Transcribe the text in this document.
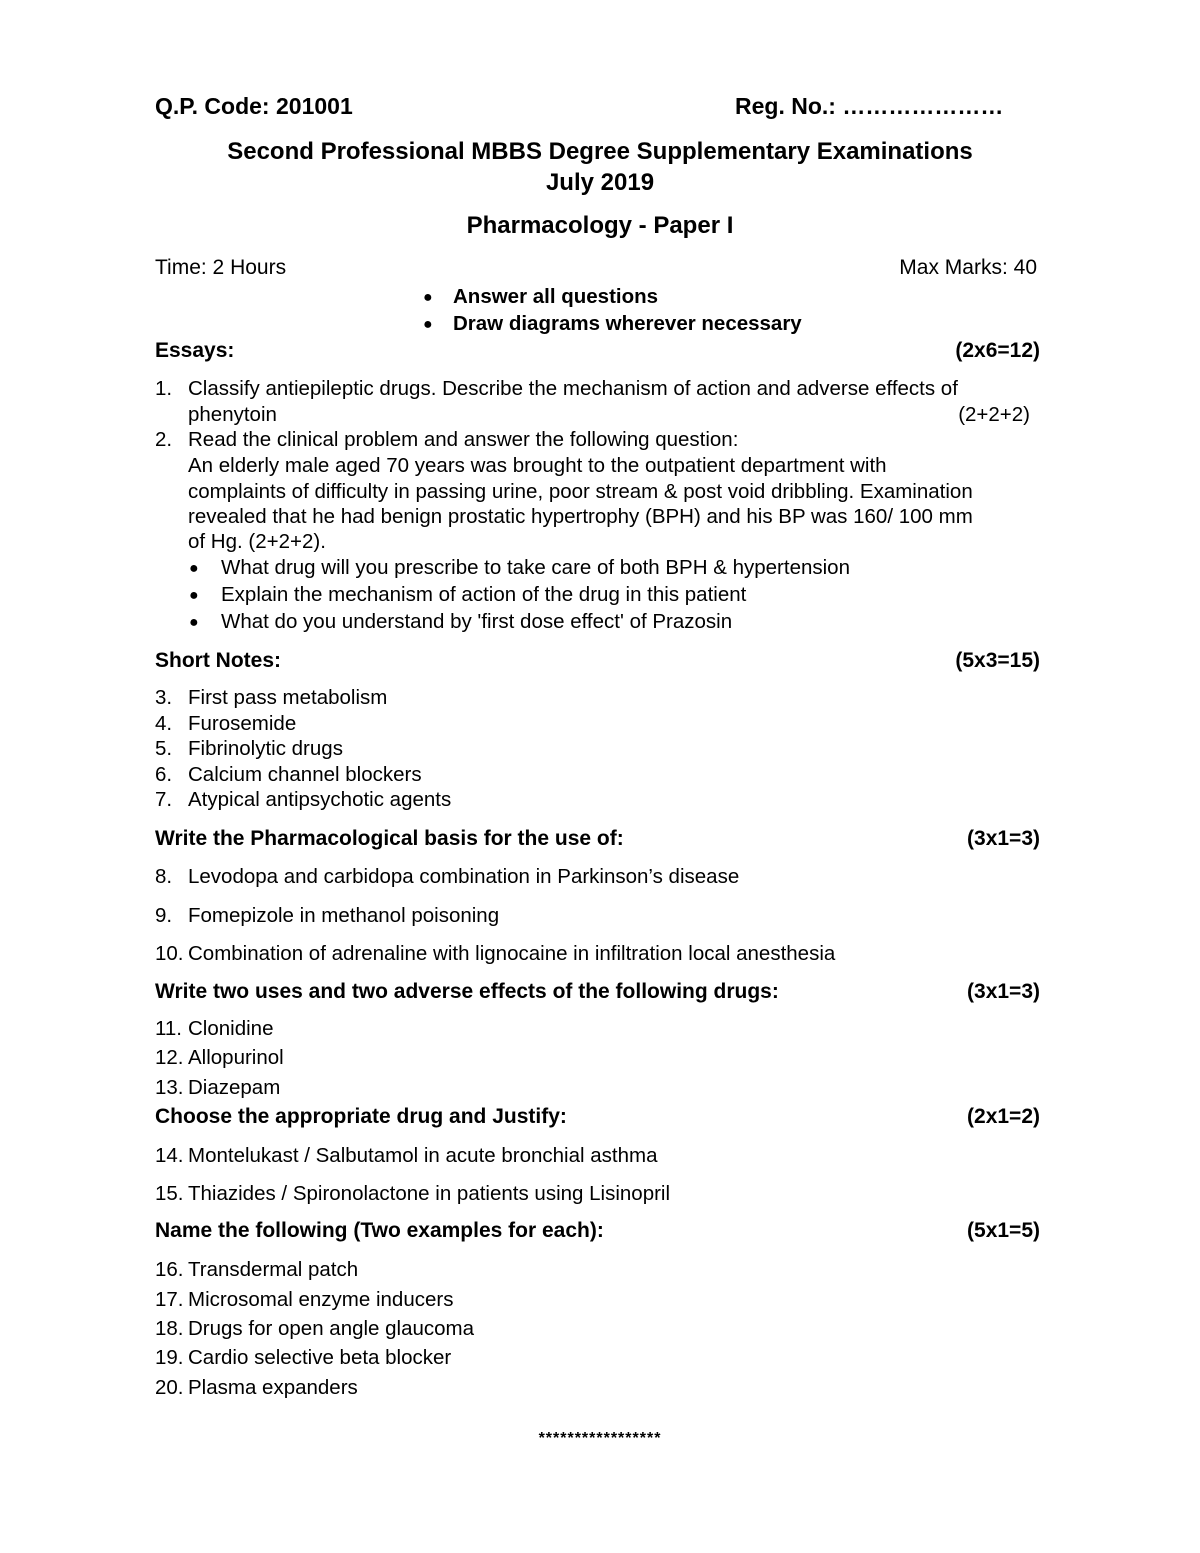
Q.P. Code: 201001	Reg. No.: …………………
Second Professional MBBS Degree Supplementary Examinations
July 2019
Pharmacology - Paper I
Time: 2 Hours	Max Marks: 40
● Answer all questions
● Draw diagrams wherever necessary
Essays:	(2x6=12)
1. Classify antiepileptic drugs. Describe the mechanism of action and adverse effects of
phenytoin	(2+2+2)
2. Read the clinical problem and answer the following question:
An elderly male aged 70 years was brought to the outpatient department with
complaints of difficulty in passing urine, poor stream & post void dribbling. Examination
revealed that he had benign prostatic hypertrophy (BPH) and his BP was 160/ 100 mm
of Hg. (2+2+2).
● What drug will you prescribe to take care of both BPH & hypertension
● Explain the mechanism of action of the drug in this patient
● What do you understand by 'first dose effect' of Prazosin
Short Notes:	(5x3=15)
3. First pass metabolism
4. Furosemide
5. Fibrinolytic drugs
6. Calcium channel blockers
7. Atypical antipsychotic agents
Write the Pharmacological basis for the use of:	(3x1=3)
8. Levodopa and carbidopa combination in Parkinson’s disease
9. Fomepizole in methanol poisoning
10. Combination of adrenaline with lignocaine in infiltration local anesthesia
Write two uses and two adverse effects of the following drugs:	(3x1=3)
11. Clonidine
12. Allopurinol
13. Diazepam
Choose the appropriate drug and Justify:	(2x1=2)
14. Montelukast / Salbutamol in acute bronchial asthma
15. Thiazides / Spironolactone in patients using Lisinopril
Name the following (Two examples for each):	(5x1=5)
16. Transdermal patch
17. Microsomal enzyme inducers
18. Drugs for open angle glaucoma
19. Cardio selective beta blocker
20. Plasma expanders
*****************
